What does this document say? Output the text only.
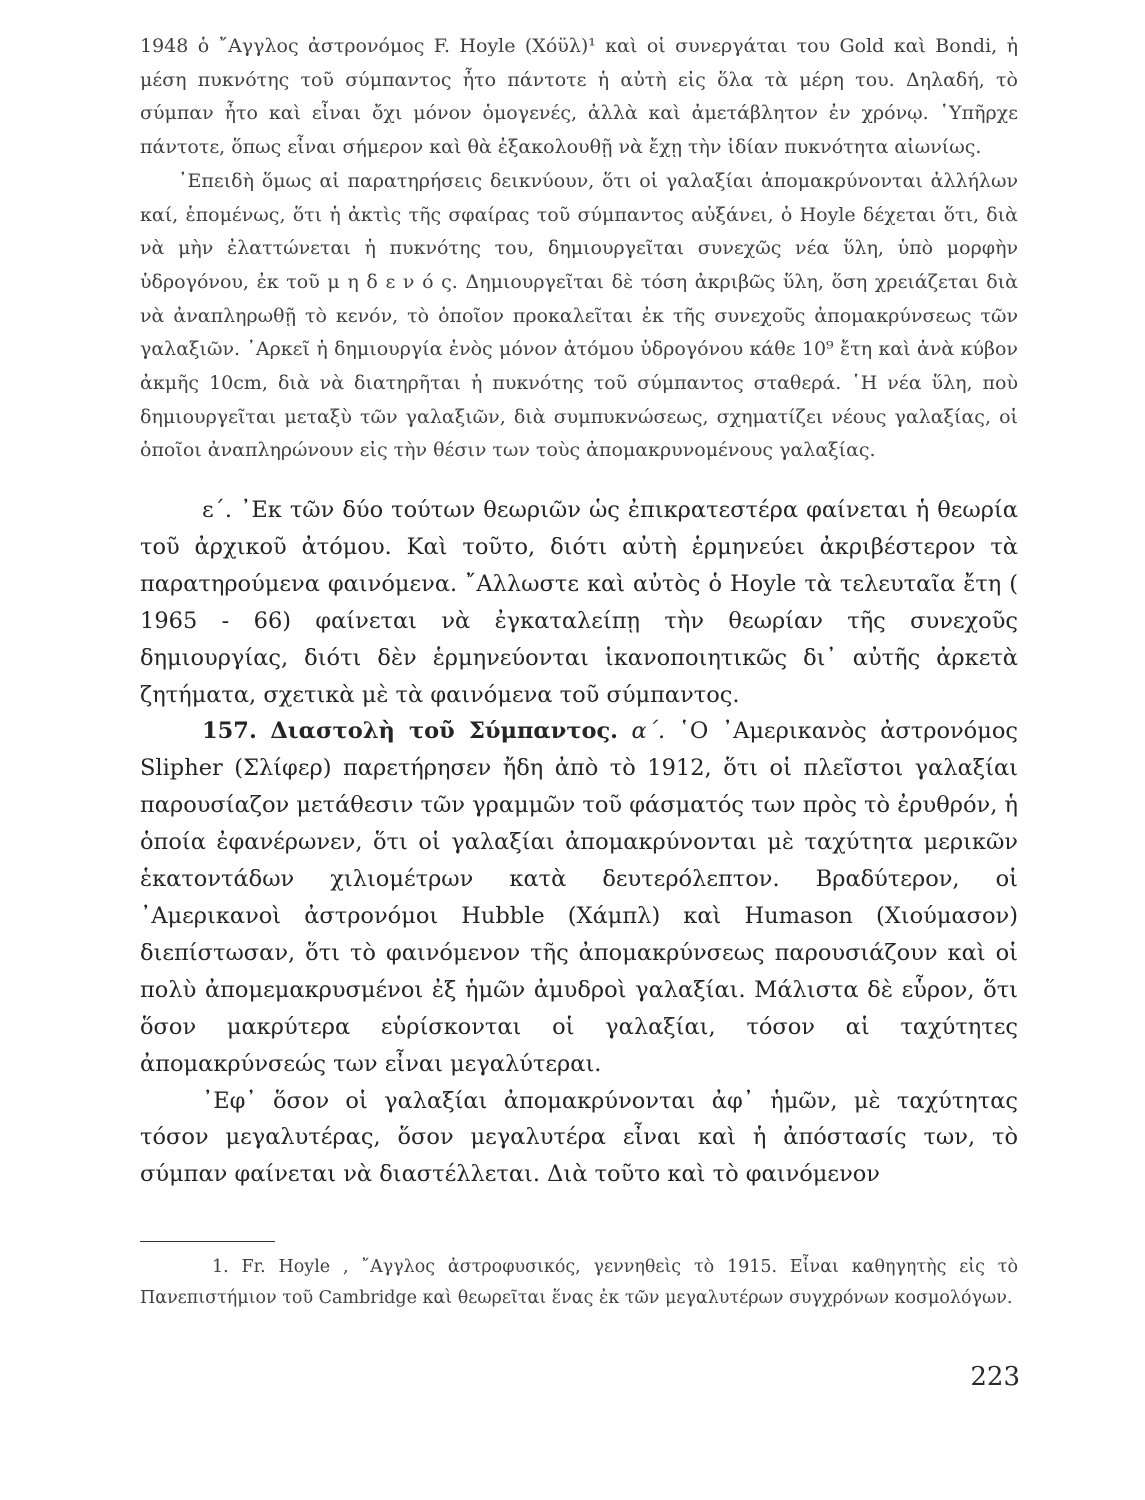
1948 ὁ ῎Αγγλος ἀστρονόμος F. Hoyle (Χόϋλ)¹ καὶ οἱ συνεργάται του Gold καὶ Bondi, ἡ μέση πυκνότης τοῦ σύμπαντος ἦτο πάντοτε ἡ αὐτὴ εἰς ὅλα τὰ μέρη του. Δηλαδή, τὸ σύμπαν ἦτο καὶ εἶναι ὄχι μόνον ὁμογενές, ἀλλὰ καὶ ἀμετάβλητον ἐν χρόνῳ. ῾Υπῆρχε πάντοτε, ὅπως εἶναι σήμερον καὶ θὰ ἐξακολουθῇ νὰ ἔχῃ τὴν ἰδίαν πυκνότητα αἰωνίως.

᾽Επειδὴ ὅμως αἱ παρατηρήσεις δεικνύουν, ὅτι οἱ γαλαξίαι ἀπομακρύνονται ἀλλήλων καί, ἑπομένως, ὅτι ἡ ἀκτὶς τῆς σφαίρας τοῦ σύμπαντος αὐξάνει, ὁ Hoyle δέχεται ὅτι, διὰ νὰ μὴν ἐλαττώνεται ἡ πυκνότης του, δημιουργεῖται συνεχῶς νέα ὕλη, ὑπὸ μορφὴν ὑδρογόνου, ἐκ τοῦ μ η δ ε ν ό ς. Δημιουργεῖται δὲ τόση ἀκριβῶς ὕλη, ὅση χρειάζεται διὰ νὰ ἀναπληρωθῇ τὸ κενόν, τὸ ὁποῖον προκαλεῖται ἐκ τῆς συνεχοῦς ἀπομακρύνσεως τῶν γαλαξιῶν. ᾽Αρκεῖ ἡ δημιουργία ἑνὸς μόνον ἀτόμου ὑδρογόνου κάθε 10⁹ ἔτη καὶ ἀνὰ κύβον ἀκμῆς 10cm, διὰ νὰ διατηρῆται ἡ πυκνότης τοῦ σύμπαντος σταθερά. ῾Η νέα ὕλη, ποὺ δημιουργεῖται μεταξὺ τῶν γαλαξιῶν, διὰ συμπυκνώσεως, σχηματίζει νέους γαλαξίας, οἱ ὁποῖοι ἀναπληρώνουν εἰς τὴν θέσιν των τοὺς ἀπομακρυνομένους γαλαξίας.

ε΄. ᾽Εκ τῶν δύο τούτων θεωριῶν ὡς ἐπικρατεστέρα φαίνεται ἡ θεωρία τοῦ ἀρχικοῦ ἀτόμου. Καὶ τοῦτο, διότι αὐτὴ ἑρμηνεύει ἀκριβέστερον τὰ παρατηρούμενα φαινόμενα. ῎Αλλωστε καὶ αὐτὸς ὁ Hoyle τὰ τελευταῖα ἔτη ( 1965 - 66) φαίνεται νὰ ἐγκαταλείπῃ τὴν θεωρίαν τῆς συνεχοῦς δημιουργίας, διότι δὲν ἑρμηνεύονται ἱκανοποιητικῶς δι᾽ αὐτῆς ἀρκετὰ ζητήματα, σχετικὰ μὲ τὰ φαινόμενα τοῦ σύμπαντος.

157. Διαστολὴ τοῦ Σύμπαντος. α΄. ῾Ο ᾽Αμερικανὸς ἀστρονόμος Slipher (Σλίφερ) παρετήρησεν ἤδη ἀπὸ τὸ 1912, ὅτι οἱ πλεῖστοι γαλαξίαι παρουσίαζον μετάθεσιν τῶν γραμμῶν τοῦ φάσματός των πρὸς τὸ ἐρυθρόν, ἡ ὁποία ἐφανέρωνεν, ὅτι οἱ γαλαξίαι ἀπομακρύνονται μὲ ταχύτητα μερικῶν ἑκατοντάδων χιλιομέτρων κατὰ δευτερόλεπτον. Βραδύτερον, οἱ ᾽Αμερικανοὶ ἀστρονόμοι Hubble (Χάμπλ) καὶ Humason (Χιούμασον) διεπίστωσαν, ὅτι τὸ φαινόμενον τῆς ἀπομακρύνσεως παρουσιάζουν καὶ οἱ πολὺ ἀπομεμακρυσμένοι ἐξ ἡμῶν ἀμυδροὶ γαλαξίαι. Μάλιστα δὲ εὗρον, ὅτι ὅσον μακρύτερα εὑρίσκονται οἱ γαλαξίαι, τόσον αἱ ταχύτητες ἀπομακρύνσεώς των εἶναι μεγαλύτεραι.

᾽Εφ᾽ ὅσον οἱ γαλαξίαι ἀπομακρύνονται ἀφ᾽ ἡμῶν, μὲ ταχύτητας τόσον μεγαλυτέρας, ὅσον μεγαλυτέρα εἶναι καὶ ἡ ἀπόστασίς των, τὸ σύμπαν φαίνεται νὰ διαστέλλεται. Διὰ τοῦτο καὶ τὸ φαινόμενον

1. Fr. Hoyle , ῎Αγγλος ἀστροφυσικός, γεννηθεὶς τὸ 1915. Εἶναι καθηγητὴς εἰς τὸ Πανεπιστήμιον τοῦ Cambridge καὶ θεωρεῖται ἕνας ἐκ τῶν μεγαλυτέρων συγχρόνων κοσμολόγων.

223
